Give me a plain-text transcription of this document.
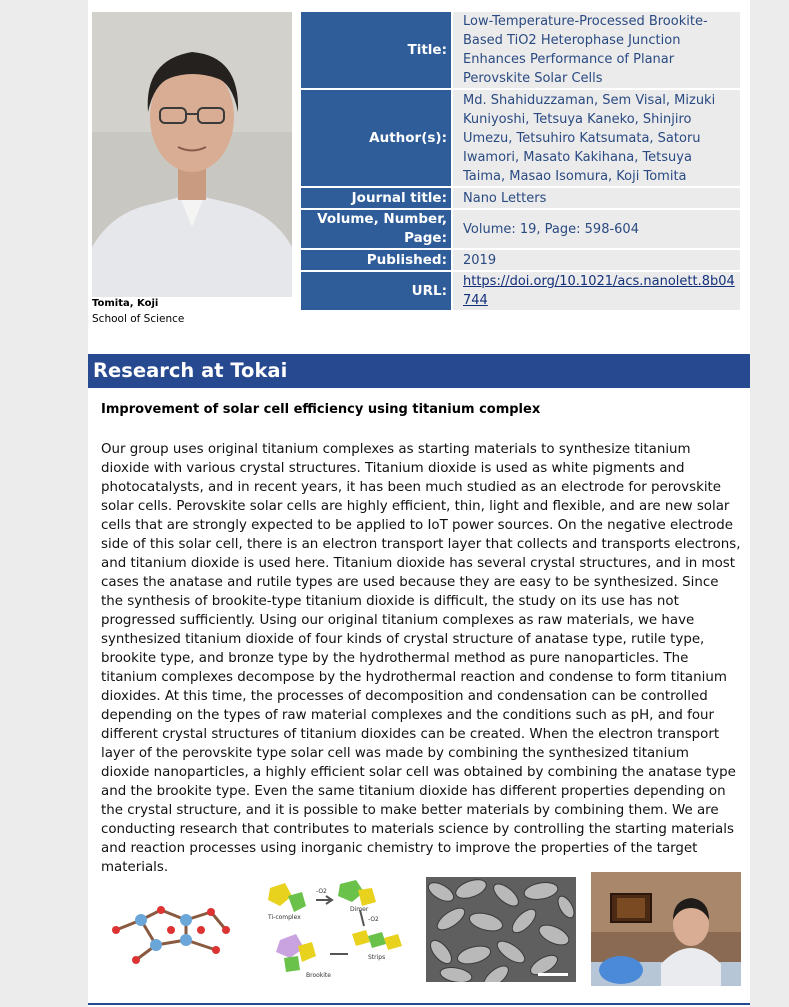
Tomita, Koji
School of Science
Title:	Low-Temperature-Processed Brookite-Based TiO2 Heterophase Junction Enhances Performance of Planar Perovskite Solar Cells
Author(s):	Md. Shahiduzzaman, Sem Visal, Mizuki Kuniyoshi, Tetsuya Kaneko, Shinjiro Umezu, Tetsuhiro Katsumata, Satoru Iwamori, Masato Kakihana, Tetsuya Taima, Masao Isomura, Koji Tomita
Journal title:	Nano Letters
Volume, Number, Page:	Volume: 19, Page: 598-604
Published:	2019
URL:	https://doi.org/10.1021/acs.nanolett.8b04744
Research at Tokai
Improvement of solar cell efficiency using titanium complex

Our group uses original titanium complexes as starting materials to synthesize titanium dioxide with various crystal structures. Titanium dioxide is used as white pigments and photocatalysts, and in recent years, it has been much studied as an electrode for perovskite solar cells. Perovskite solar cells are highly efficient, thin, light and flexible, and are new solar cells that are strongly expected to be applied to IoT power sources. On the negative electrode side of this solar cell, there is an electron transport layer that collects and transports electrons, and titanium dioxide is used here. Titanium dioxide has several crystal structures, and in most cases the anatase and rutile types are used because they are easy to be synthesized. Since the synthesis of brookite-type titanium dioxide is difficult, the study on its use has not progressed sufficiently. Using our original titanium complexes as raw materials, we have synthesized titanium dioxide of four kinds of crystal structure of anatase type, rutile type, brookite type, and bronze type by the hydrothermal method as pure nanoparticles. The titanium complexes decompose by the hydrothermal reaction and condense to form titanium dioxides. At this time, the processes of decomposition and condensation can be controlled depending on the types of raw material complexes and the conditions such as pH, and four different crystal structures of titanium dioxides can be created. When the electron transport layer of the perovskite type solar cell was made by combining the synthesized titanium dioxide nanoparticles, a highly efficient solar cell was obtained by combining the anatase type and the brookite type. Even the same titanium dioxide has different properties depending on the crystal structure, and it is possible to make better materials by combining them. We are conducting research that contributes to materials science by controlling the starting materials and reaction processes using inorganic chemistry to improve the properties of the target materials.

Ti-complex
Dimer
Strips
Brookite
-O2
-O2
